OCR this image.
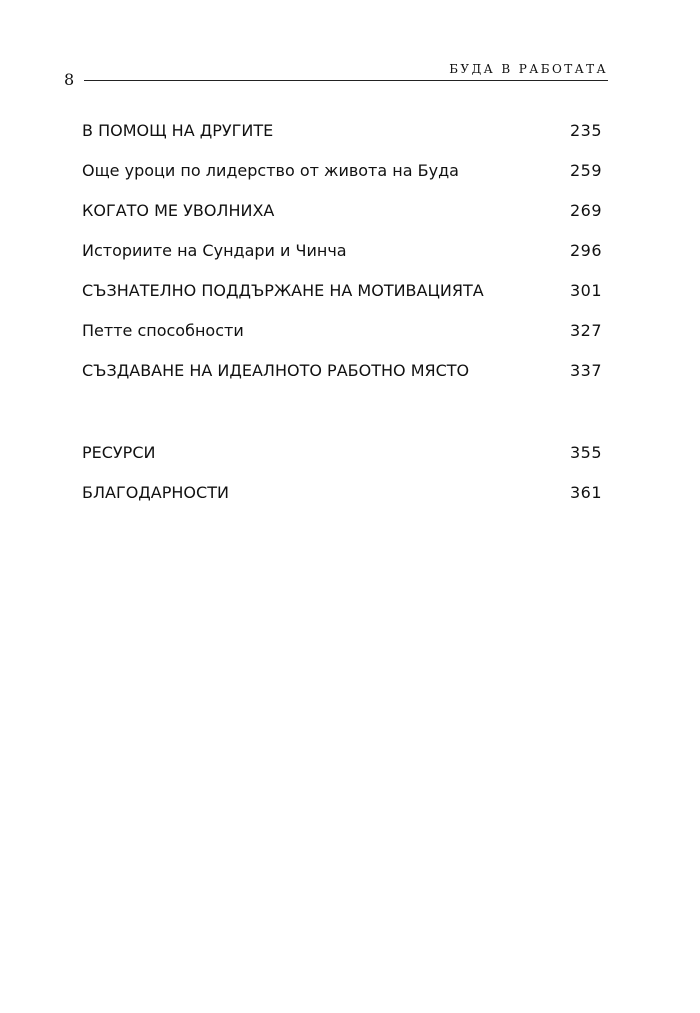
8
БУДА В РАБОТАТА
В ПОМОЩ НА ДРУГИТЕ	235
Още уроци по лидерство от живота на Буда	259
КОГАТО МЕ УВОЛНИХА	269
Историите на Сундари и Чинча	296
СЪЗНАТЕЛНО ПОДДЪРЖАНЕ НА МОТИВАЦИЯТА	301
Петте способности	327
СЪЗДАВАНЕ НА ИДЕАЛНОТО РАБОТНО МЯСТО	337
РЕСУРСИ	355
БЛАГОДАРНОСТИ	361
